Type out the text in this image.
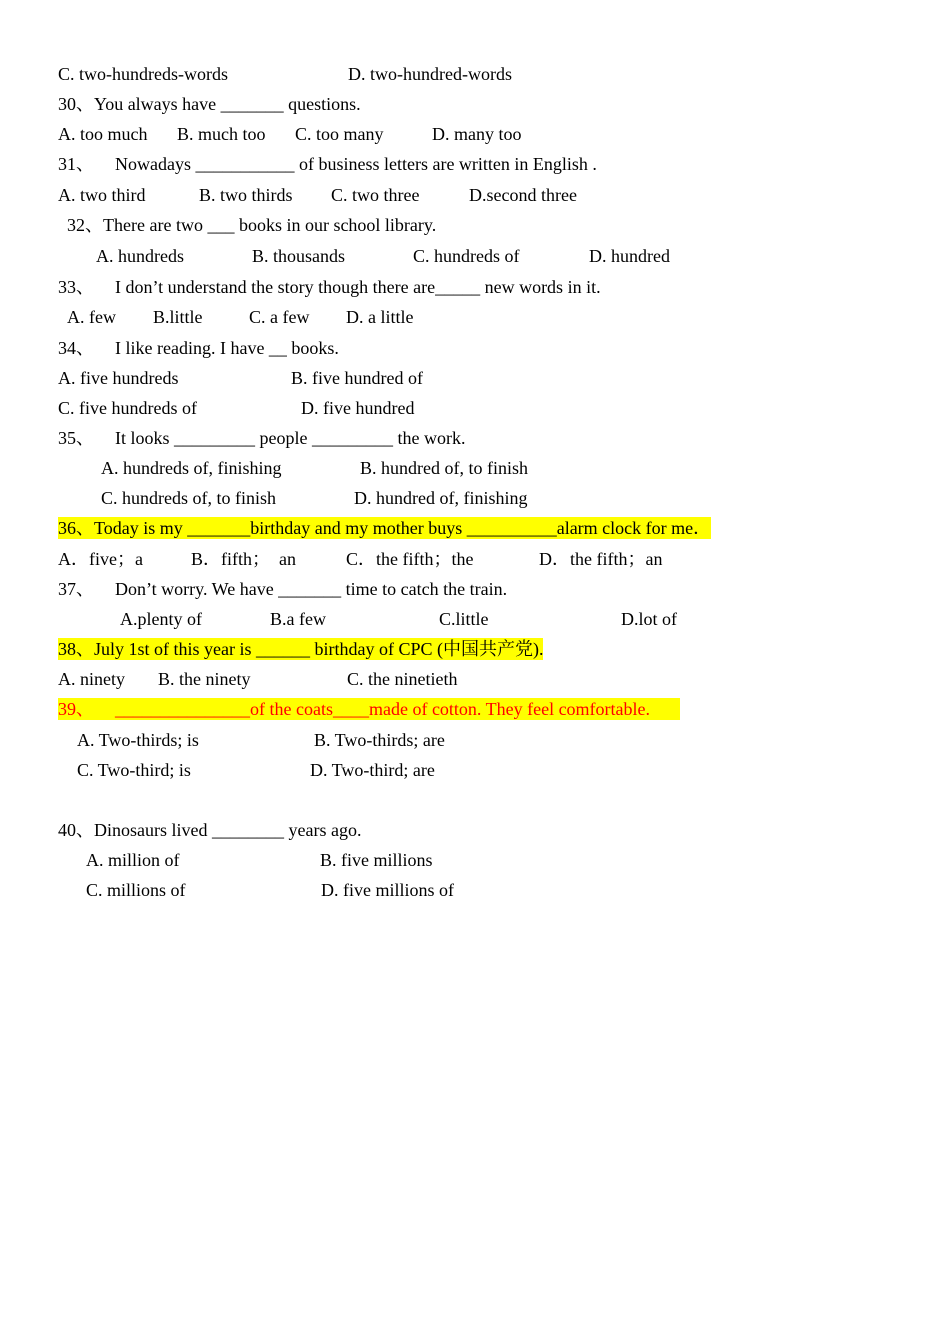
C. two-hundreds-words	D. two-hundred-words
30、You always have _______ questions.
A. too much B. much too C. too many	D. many too
31、 Nowadays ___________ of business letters are written in English .
A. two third	B. two thirds C. two three	D.second three
32、There are two ___ books in our school library.
A. hundreds	B. thousands	C. hundreds of	D. hundred
33、 I don’t understand the story though there are_____ new words in it.
A. few B.little	C. a few D. a little
34、 I like reading. I have __ books.
A. five hundreds	B. five hundred of
C. five hundreds of	D. five hundred
35、 It looks _________ people _________ the work.
A. hundreds of, finishing	B. hundred of, to finish
C. hundreds of, to finish	D. hundred of, finishing
36、Today is my _______birthday and my mother buys __________alarm clock for me．
A．five；a	B．fifth；  an	C．the fifth；the	D．the fifth；an
37、 Don’t worry. We have _______ time to catch the train.
A.plenty of	B.a few	C.little	D.lot of
38、July 1st of this year is ______ birthday of CPC (中国共产党).
A. ninety B. the ninety	C. the ninetieth
39、	_______________of the coats____made of cotton. They feel comfortable.
A. Two-thirds; is	B. Two-thirds; are
C. Two-third; is	D. Two-third; are
40、Dinosaurs lived ________ years ago.
A. million of	B. five millions
C. millions of	D. five millions of
